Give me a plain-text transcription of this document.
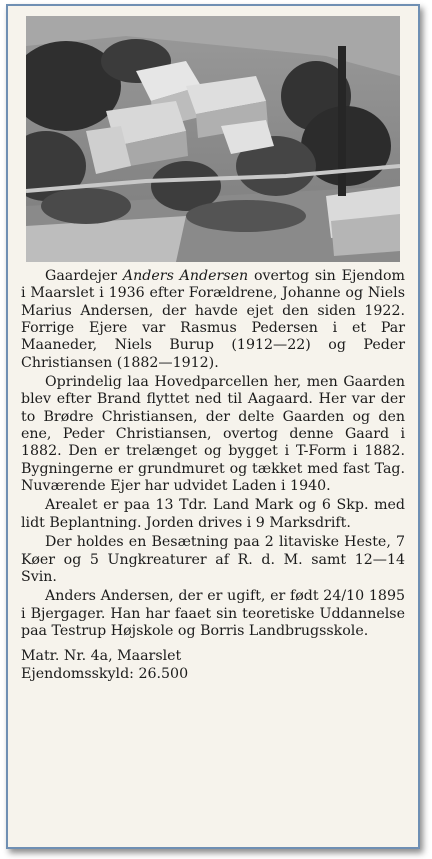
Gaardejer Anders Andersen overtog sin Ejendom i Maarslet i 1936 efter Forældrene, Johanne og Niels Marius Andersen, der havde ejet den siden 1922. Forrige Ejere var Rasmus Pedersen i et Par Maaneder, Niels Burup (1912—22) og Peder Christiansen (1882—1912).

Oprindelig laa Hovedparcellen her, men Gaarden blev efter Brand flyttet ned til Aagaard. Her var der to Brødre Christiansen, der delte Gaarden og den ene, Peder Christiansen, overtog denne Gaard i 1882. Den er trelænget og bygget i T-Form i 1882. Bygningerne er grundmuret og tækket med fast Tag. Nuværende Ejer har udvidet Laden i 1940.

Arealet er paa 13 Tdr. Land Mark og 6 Skp. med lidt Beplantning. Jorden drives i 9 Marksdrift.

Der holdes en Besætning paa 2 litaviske Heste, 7 Køer og 5 Ungkreaturer af R. d. M. samt 12—14 Svin.

Anders Andersen, der er ugift, er født 24/10 1895 i Bjergager. Han har faaet sin teoretiske Uddannelse paa Testrup Højskole og Borris Landbrugsskole.

Matr. Nr. 4a, Maarslet

Ejendomsskyld: 26.500
